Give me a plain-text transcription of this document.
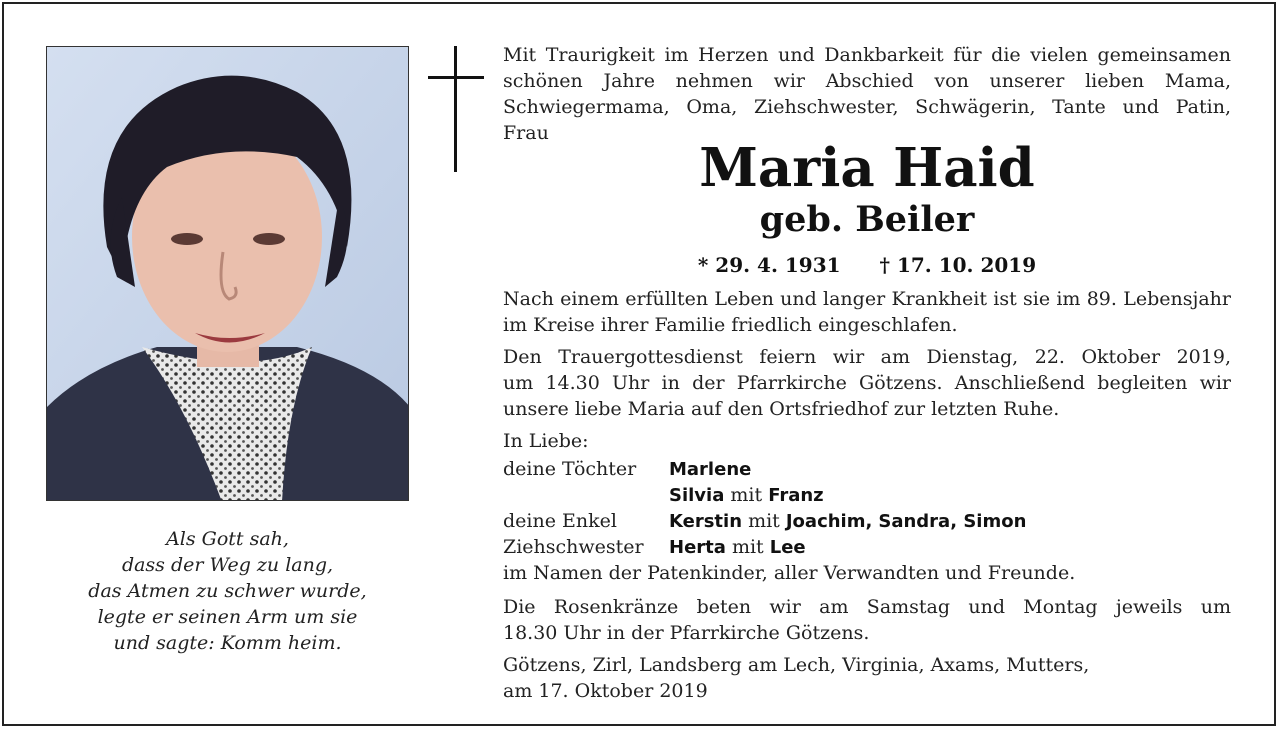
Als Gott sah,
dass der Weg zu lang,
das Atmen zu schwer wurde,
legte er seinen Arm um sie
und sagte: Komm heim.
Mit Traurigkeit im Herzen und Dankbarkeit für die vielen gemeinsamen
schönen Jahre nehmen wir Abschied von unserer lieben Mama,
Schwiegermama, Oma, Ziehschwester, Schwägerin, Tante und Patin,
Frau
Maria Haid
geb. Beiler
* 29. 4. 1931 † 17. 10. 2019
Nach einem erfüllten Leben und langer Krankheit ist sie im 89. Lebensjahr
im Kreise ihrer Familie friedlich eingeschlafen.
Den Trauergottesdienst feiern wir am Dienstag, 22. Oktober 2019,
um 14.30 Uhr in der Pfarrkirche Götzens. Anschließend begleiten wir
unsere liebe Maria auf den Ortsfriedhof zur letzten Ruhe.
In Liebe:
deine Töchter Marlene
Silvia mit Franz
deine Enkel	Kerstin mit Joachim, Sandra, Simon
Ziehschwester Herta mit Lee
im Namen der Patenkinder, aller Verwandten und Freunde.
Die Rosenkränze beten wir am Samstag und Montag jeweils um
18.30 Uhr in der Pfarrkirche Götzens.
Götzens, Zirl, Landsberg am Lech, Virginia, Axams, Mutters,
am 17. Oktober 2019
